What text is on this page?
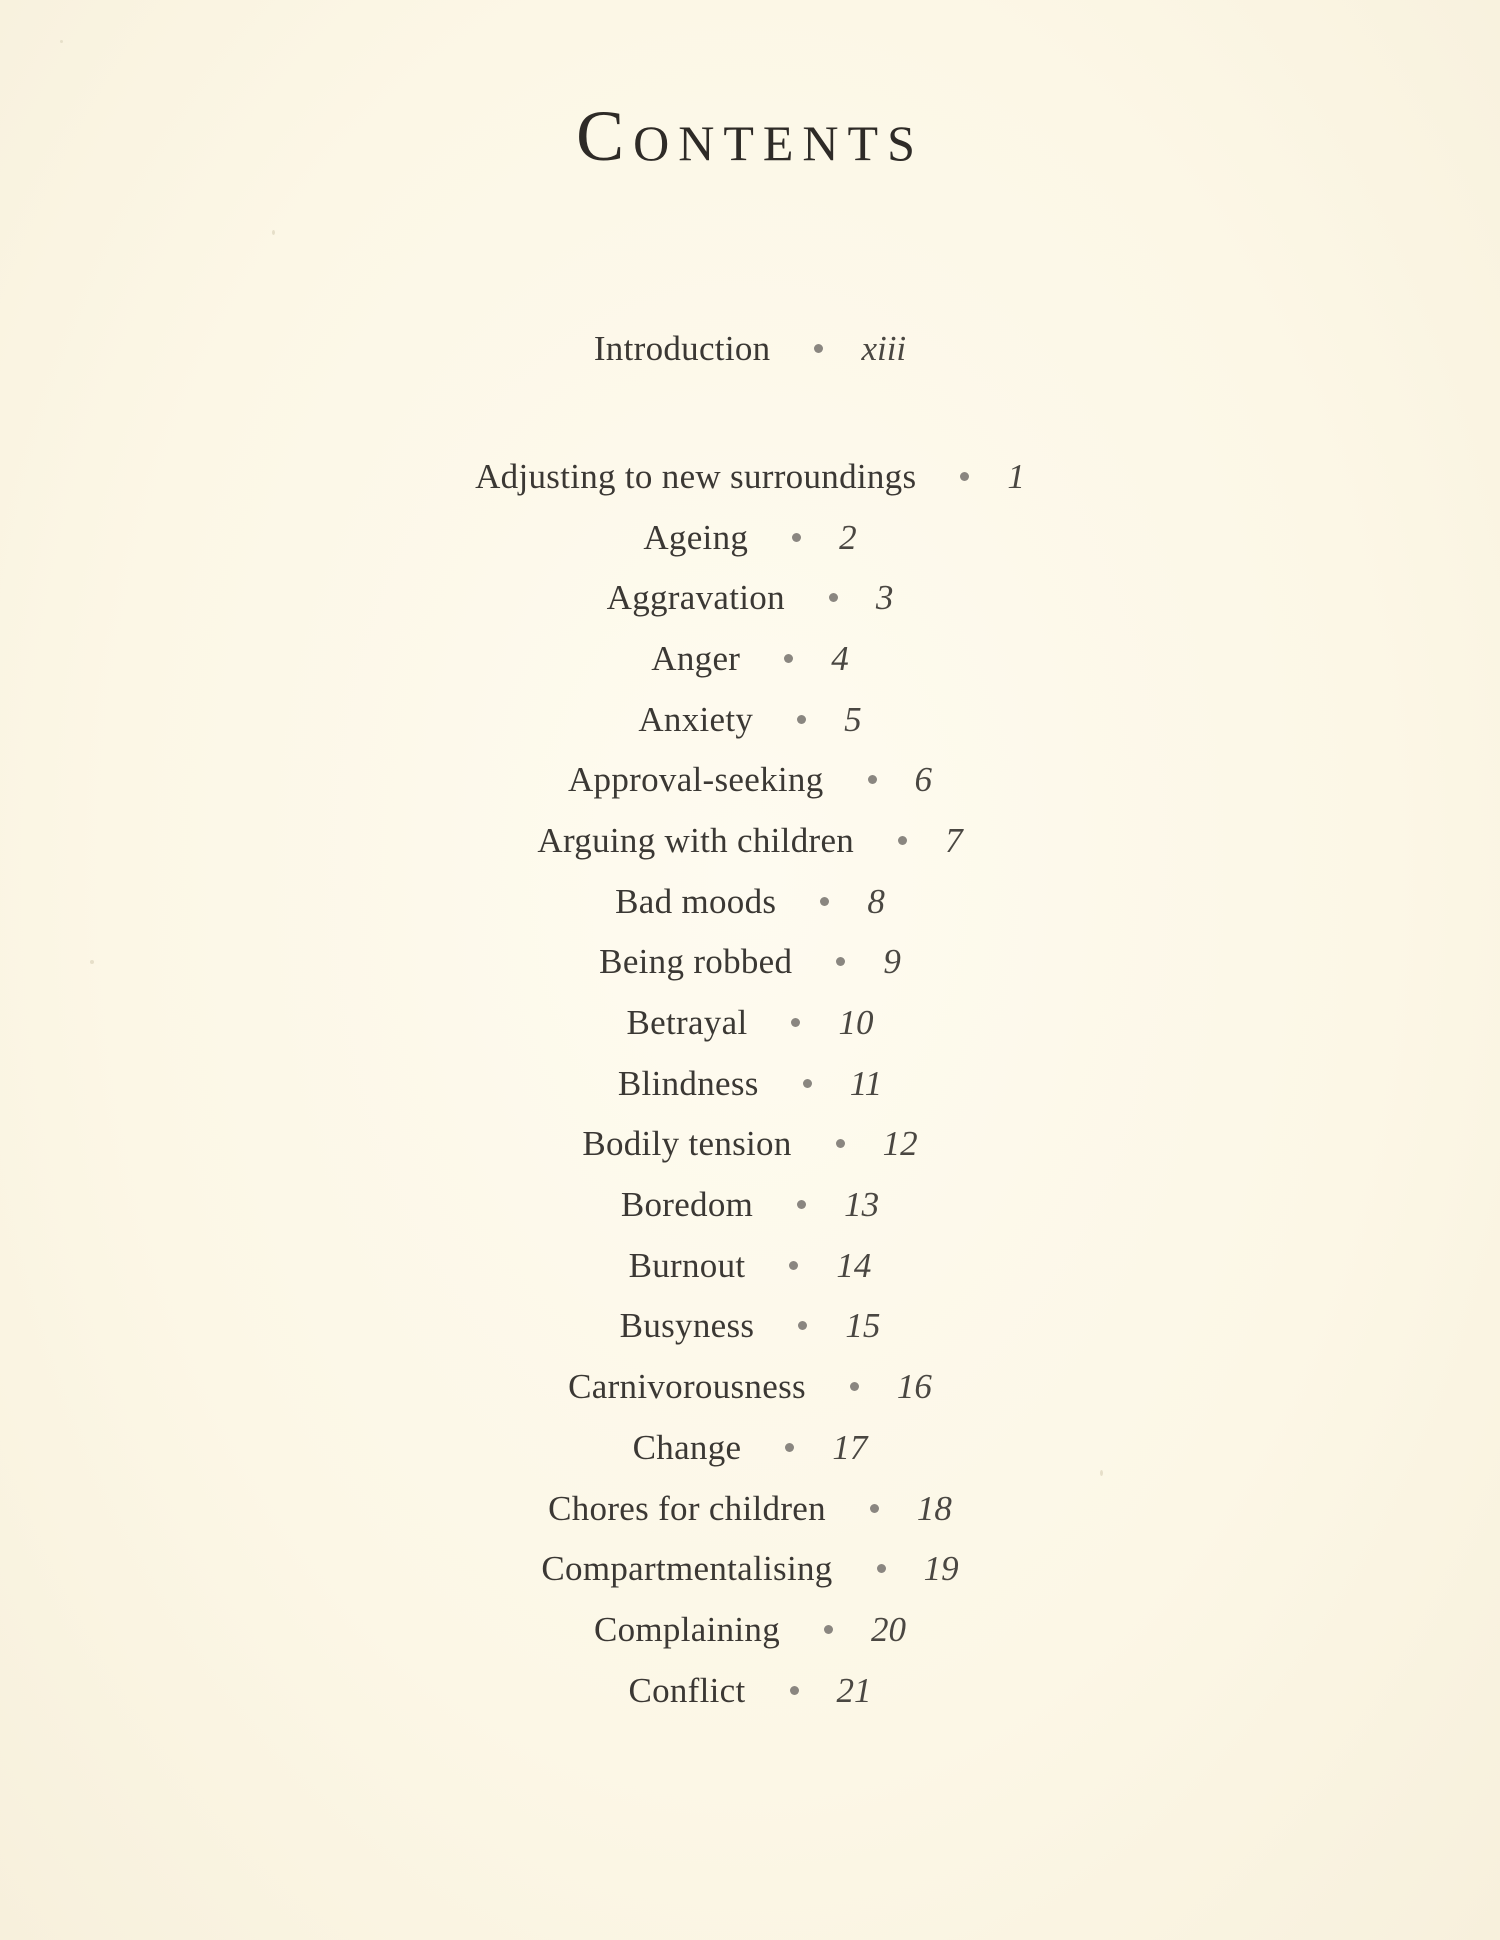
Contents
Introduction	xiii
Adjusting to new surroundings	1
Ageing	2
Aggravation	3
Anger	4
Anxiety	5
Approval-seeking	6
Arguing with children	7
Bad moods	8
Being robbed	9
Betrayal	10
Blindness	11
Bodily tension	12
Boredom	13
Burnout	14
Busyness	15
Carnivorousness	16
Change	17
Chores for children	18
Compartmentalising	19
Complaining	20
Conflict	21
